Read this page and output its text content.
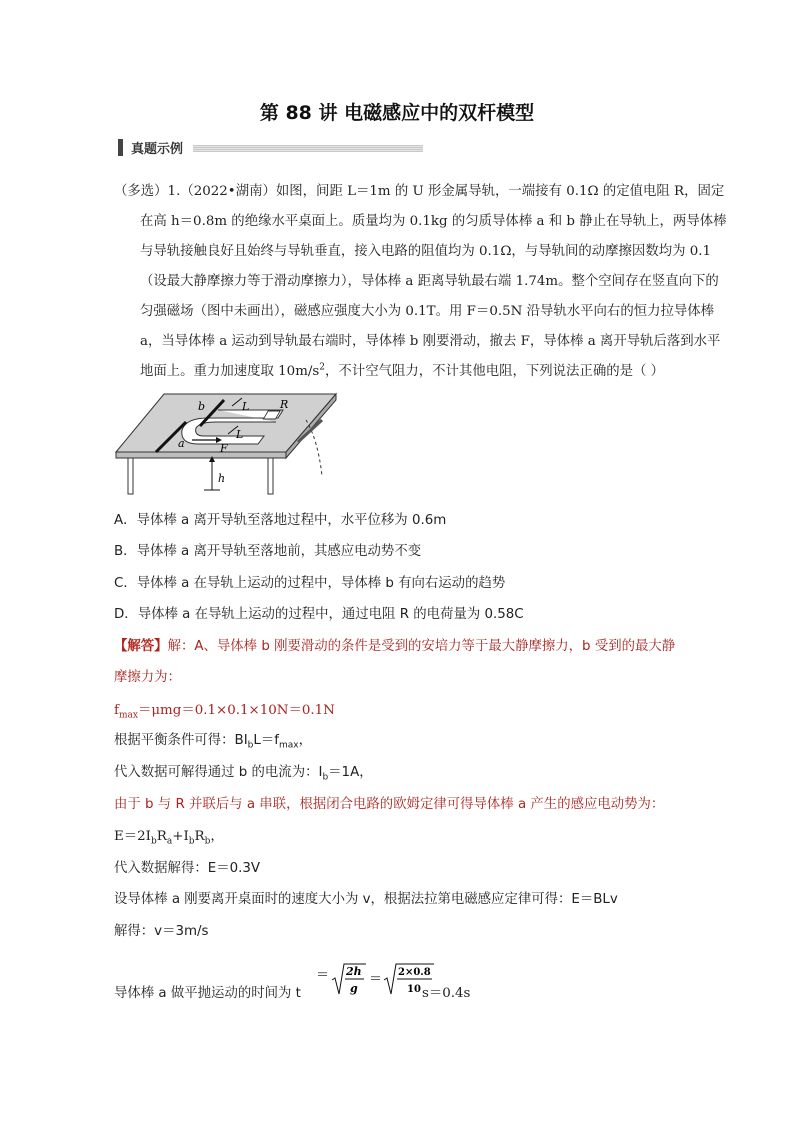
第 88 讲 电磁感应中的双杆模型
真题示例
（多选）1.（2022•湖南）如图，间距 L＝1m 的 U 形金属导轨，一端接有 0.1Ω 的定值电阻 R，固定
在高 h＝0.8m 的绝缘水平桌面上。质量均为 0.1kg 的匀质导体棒 a 和 b 静止在导轨上，两导体棒
与导轨接触良好且始终与导轨垂直，接入电路的阻值均为 0.1Ω，与导轨间的动摩擦因数均为 0.1
（设最大静摩擦力等于滑动摩擦力），导体棒 a 距离导轨最右端 1.74m。整个空间存在竖直向下的
匀强磁场（图中未画出），磁感应强度大小为 0.1T。用 F＝0.5N 沿导轨水平向右的恒力拉导体棒
a，当导体棒 a 运动到导轨最右端时，导体棒 b 刚要滑动，撤去 F，导体棒 a 离开导轨后落到水平
地面上。重力加速度取 $10m/s^2$，不计空气阻力，不计其他电阻，下列说法正确的是（ ）
b
a	F
L
L
R
h
A．导体棒 a 离开导轨至落地过程中，水平位移为 0.6m
B．导体棒 a 离开导轨至落地前，其感应电动势不变
C．导体棒 a 在导轨上运动的过程中，导体棒 b 有向右运动的趋势
D．导体棒 a 在导轨上运动的过程中，通过电阻 R 的电荷量为 0.58C
【解答】解：A、导体棒 b 刚要滑动的条件是受到的安培力等于最大静摩擦力，b 受到的最大静
摩擦力为：
$f_{max}=\mu mg=0.1\times 0.1\times 10N=0.1N$
根据平衡条件可得：$BI_bL=f_{max}$，
代入数据可解得通过 b 的电流为：$I_b=1A$，
由于 b 与 R 并联后与 a 串联，根据闭合电路的欧姆定律可得导体棒 a 产生的感应电动势为：
$E=2I_bR_a+I_bR_b$，
代入数据解得：E＝0.3V
设导体棒 a 刚要离开桌面时的速度大小为 v，根据法拉第电磁感应定律可得：E＝BLv
解得：v＝3m/s
导体棒 a 做平抛运动的时间为 t
＝ 2h
g
＝ 2×0.8
10 s＝0.4s
